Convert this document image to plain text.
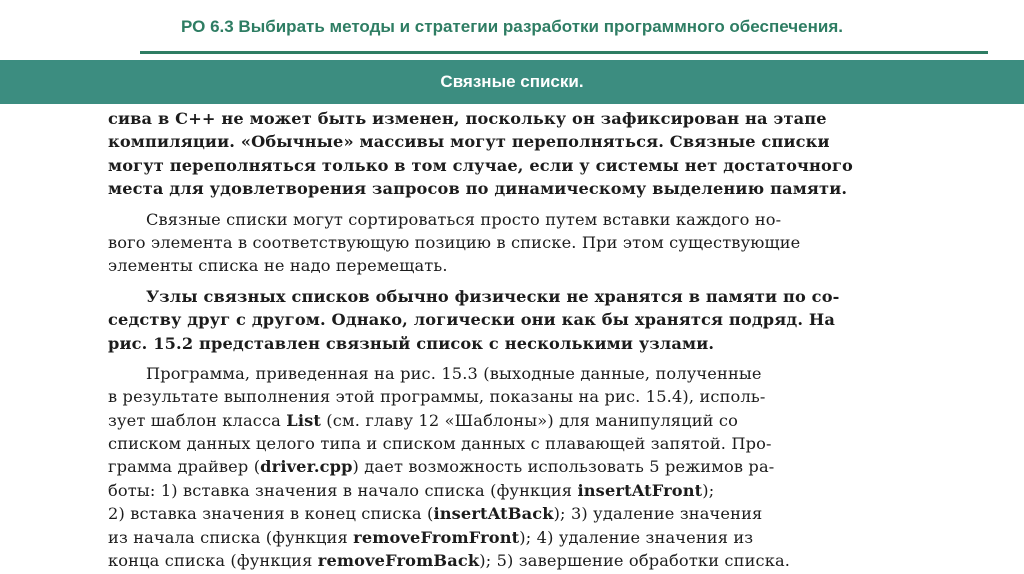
РО 6.3 Выбирать методы и стратегии разработки программного обеспечения.
Связные списки.
сива в C++ не может быть изменен, поскольку он зафиксирован на этапе
компиляции. «Обычные» массивы могут переполняться. Связные списки
могут переполняться только в том случае, если у системы нет достаточного
места для удовлетворения запросов по динамическому выделению памяти.
Связные списки могут сортироваться просто путем вставки каждого но-
вого элемента в соответствующую позицию в списке. При этом существующие
элементы списка не надо перемещать.
Узлы связных списков обычно физически не хранятся в памяти по со-
седству друг с другом. Однако, логически они как бы хранятся подряд. На
рис. 15.2 представлен связный список с несколькими узлами.
Программа, приведенная на рис. 15.3 (выходные данные, полученные
в результате выполнения этой программы, показаны на рис. 15.4), исполь-
зует шаблон класса List (см. главу 12 «Шаблоны») для манипуляций со
списком данных целого типа и списком данных с плавающей запятой. Про-
грамма драйвер (driver.cpp) дает возможность использовать 5 режимов ра-
боты: 1) вставка значения в начало списка (функция insertAtFront);
2) вставка значения в конец списка (insertAtBack); 3) удаление значения
из начала списка (функция removeFromFront); 4) удаление значения из
конца списка (функция removeFromBack); 5) завершение обработки списка.
